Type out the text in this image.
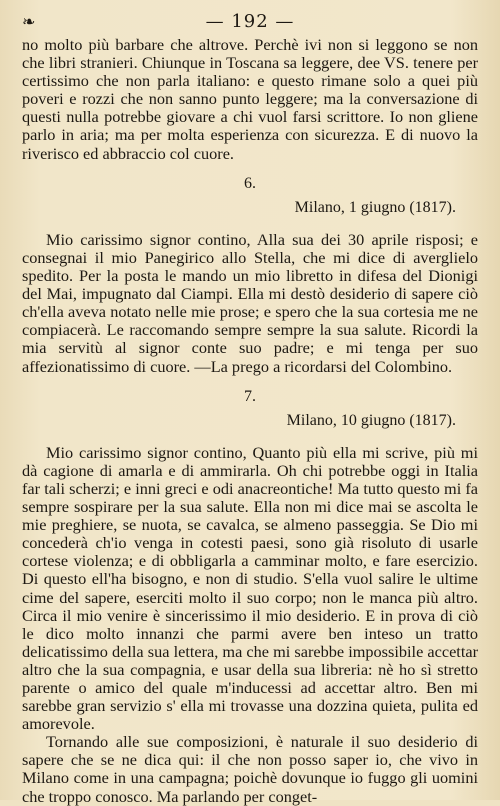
❧	— 192 —

no molto più barbare che altrove. Perchè ivi non si leggono se non che libri stranieri. Chiunque in Toscana sa leggere, dee VS. tenere per certissimo che non parla italiano: e questo rimane solo a quei più poveri e rozzi che non sanno punto leggere; ma la conversazione di questi nulla potrebbe giovare a chi vuol farsi scrittore. Io non gliene parlo in aria; ma per molta esperienza con sicurezza. E di nuovo la riverisco ed abbraccio col cuore.

6.
Milano, 1 giugno (1817).

Mio carissimo signor contino, Alla sua dei 30 aprile risposi; e consegnai il mio Panegirico allo Stella, che mi dice di averglielo spedito. Per la posta le mando un mio libretto in difesa del Dionigi del Mai, impugnato dal Ciampi. Ella mi destò desiderio di sapere ciò ch'ella aveva notato nelle mie prose; e spero che la sua cortesia me ne compiacerà. Le raccomando sempre sempre la sua salute. Ricordi la mia servitù al signor conte suo padre; e mi tenga per suo affezionatissimo di cuore. —La prego a ricordarsi del Colombino.

7.
Milano, 10 giugno (1817).

Mio carissimo signor contino, Quanto più ella mi scrive, più mi dà cagione di amarla e di ammirarla. Oh chi potrebbe oggi in Italia far tali scherzi; e inni greci e odi anacreontiche! Ma tutto questo mi fa sempre sospirare per la sua salute. Ella non mi dice mai se ascolta le mie preghiere, se nuota, se cavalca, se almeno passeggia. Se Dio mi concederà ch'io venga in cotesti paesi, sono già risoluto di usarle cortese violenza; e di obbligarla a camminar molto, e fare esercizio. Di questo ell'ha bisogno, e non di studio. S'ella vuol salire le ultime cime del sapere, eserciti molto il suo corpo; non le manca più altro. Circa il mio venire è sincerissimo il mio desiderio. E in prova di ciò le dico molto innanzi che parmi avere ben inteso un tratto delicatissimo della sua lettera, ma che mi sarebbe impossibile accettar altro che la sua compagnia, e usar della sua libreria: nè ho sì stretto parente o amico del quale m'inducessi ad accettar altro. Ben mi sarebbe gran servizio s' ella mi trovasse una dozzina quieta, pulita ed amorevole.

Tornando alle sue composizioni, è naturale il suo desiderio di sapere che se ne dica qui: il che non posso saper io, che vivo in Milano come in una campagna; poichè dovunque io fuggo gli uomini che troppo conosco. Ma parlando per conget-
